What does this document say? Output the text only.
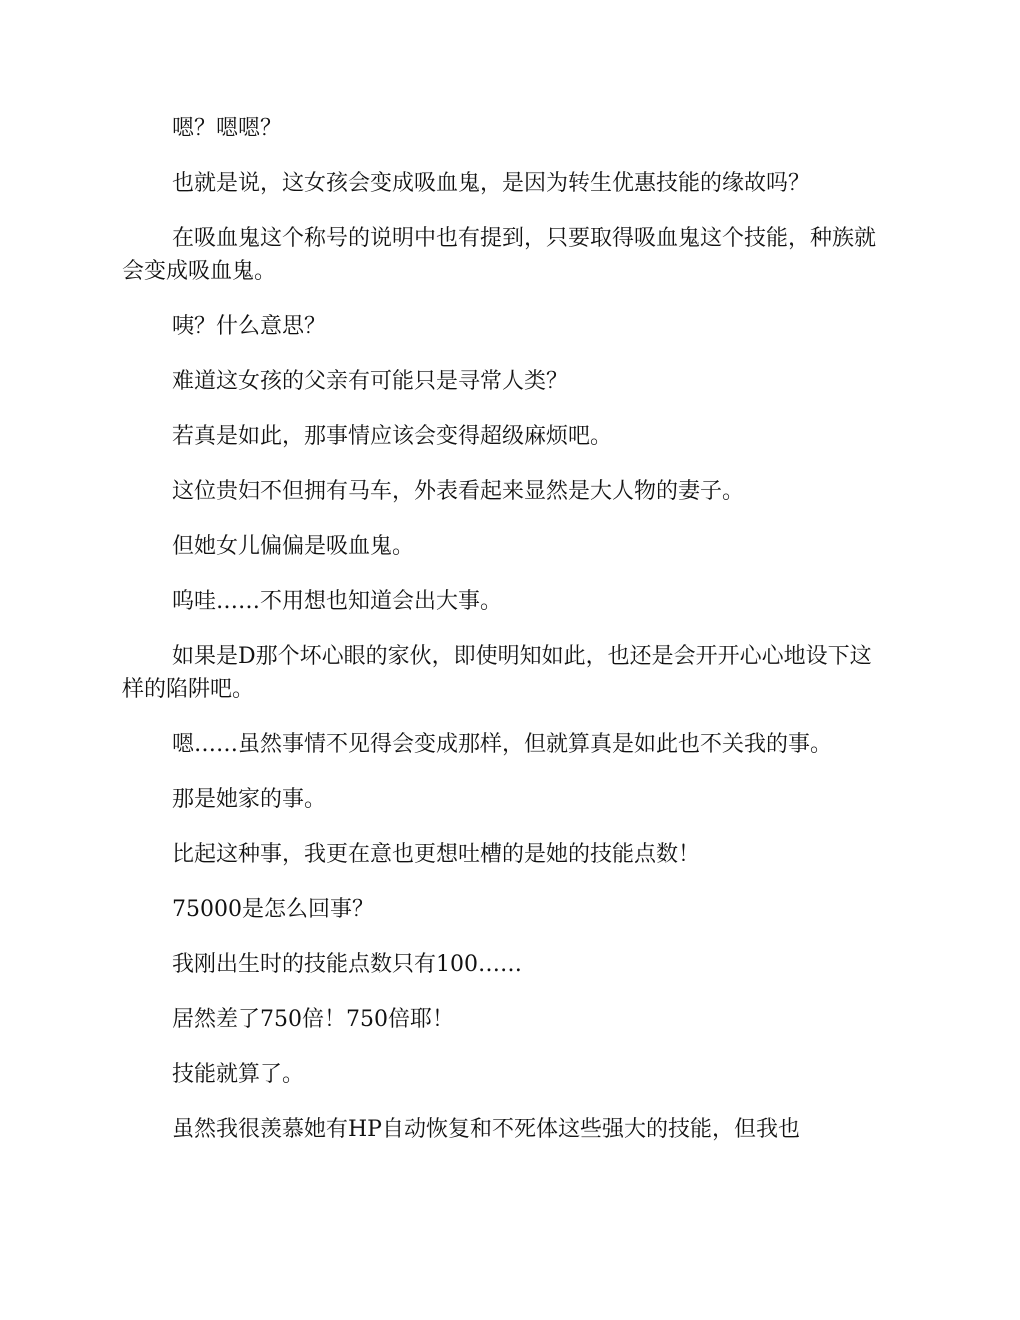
嗯？嗯嗯？

也就是说，这女孩会变成吸血鬼，是因为转生优惠技能的缘故吗？

在吸血鬼这个称号的说明中也有提到，只要取得吸血鬼这个技能，种族就会变成吸血鬼。

咦？什么意思？

难道这女孩的父亲有可能只是寻常人类？

若真是如此，那事情应该会变得超级麻烦吧。

这位贵妇不但拥有马车，外表看起来显然是大人物的妻子。

但她女儿偏偏是吸血鬼。

呜哇……不用想也知道会出大事。

如果是D那个坏心眼的家伙，即使明知如此，也还是会开开心心地设下这样的陷阱吧。

嗯……虽然事情不见得会变成那样，但就算真是如此也不关我的事。

那是她家的事。

比起这种事，我更在意也更想吐槽的是她的技能点数！

75000是怎么回事？

我刚出生时的技能点数只有100……

居然差了750倍！750倍耶！

技能就算了。

虽然我很羡慕她有HP自动恢复和不死体这些强大的技能，但我也
